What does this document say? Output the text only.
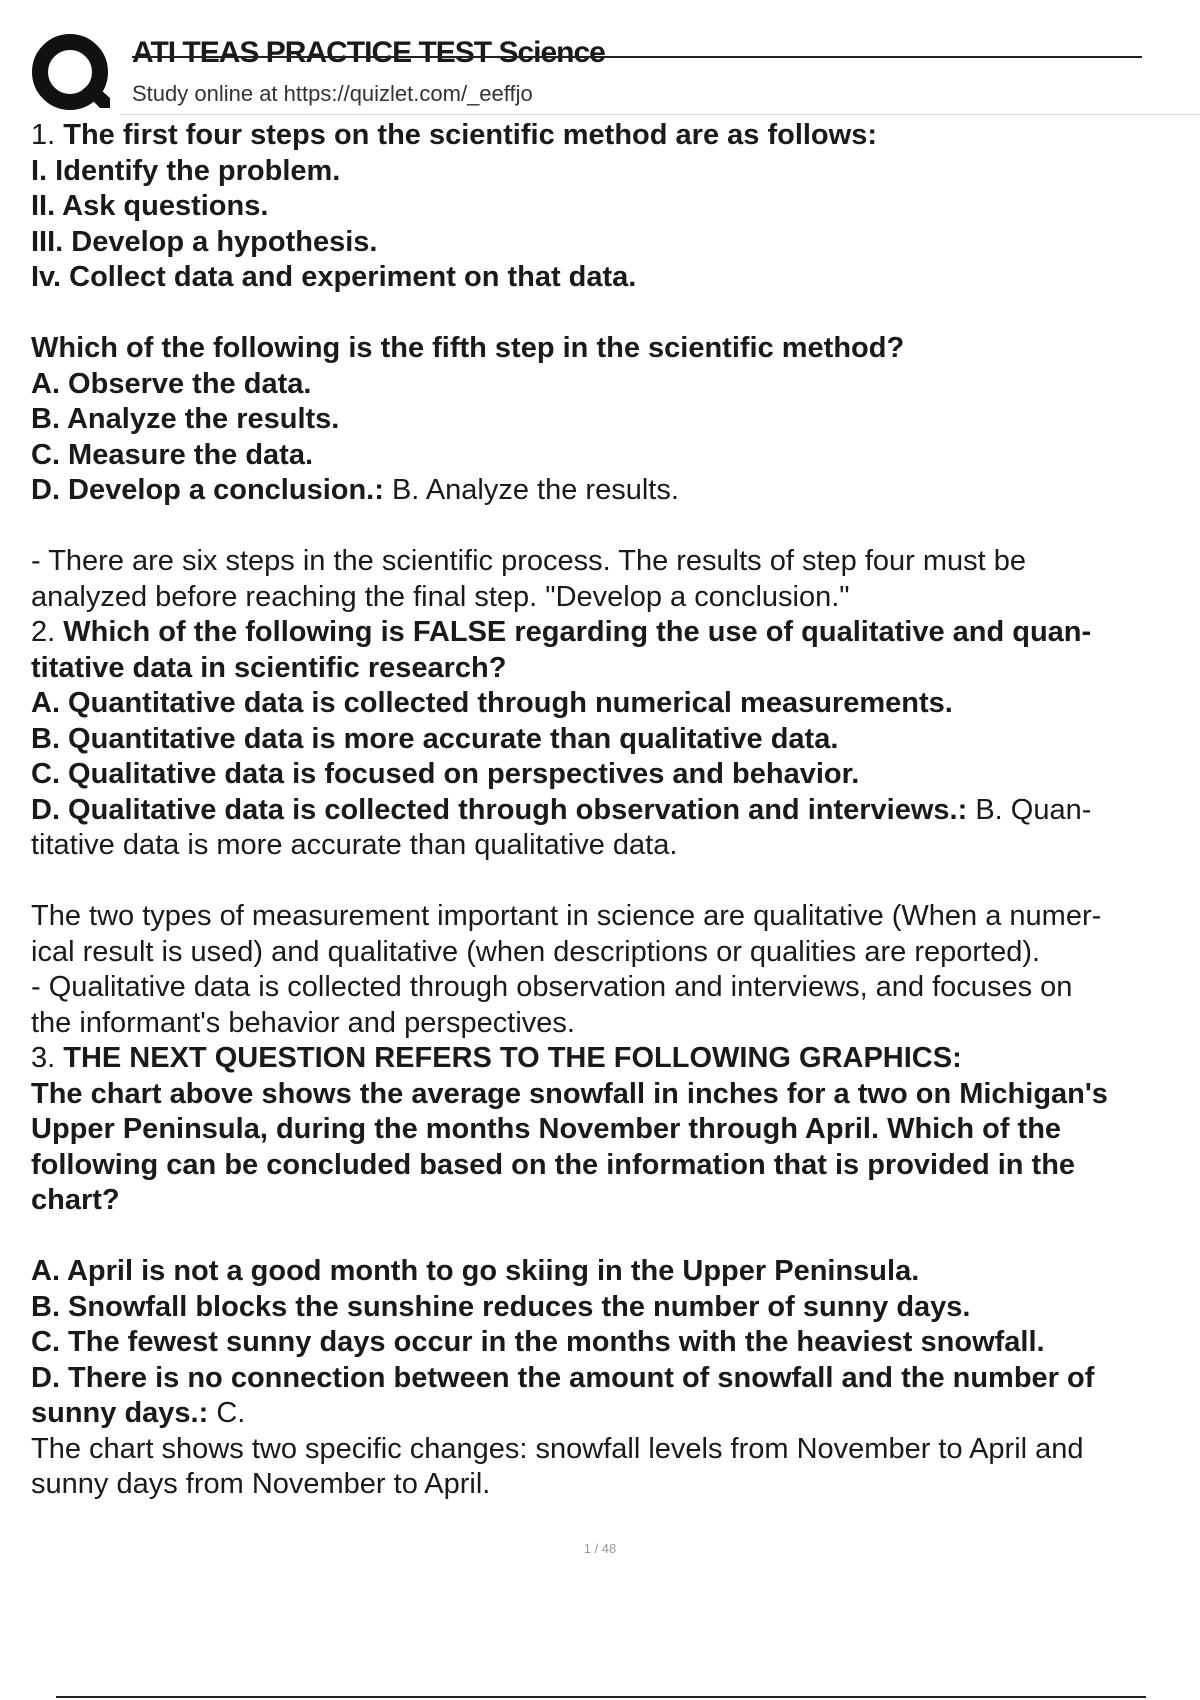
ATI TEAS PRACTICE TEST Science
Study online at https://quizlet.com/_eeffjo
1. The first four steps on the scientific method are as follows:
I. Identify the problem.
II. Ask questions.
III. Develop a hypothesis.
Iv. Collect data and experiment on that data.
Which of the following is the fifth step in the scientific method?
A. Observe the data.
B. Analyze the results.
C. Measure the data.
D. Develop a conclusion.: B. Analyze the results.
- There are six steps in the scientific process. The results of step four must be
analyzed before reaching the final step. "Develop a conclusion."
2. Which of the following is FALSE regarding the use of qualitative and quan-
titative data in scientific research?
A. Quantitative data is collected through numerical measurements.
B. Quantitative data is more accurate than qualitative data.
C. Qualitative data is focused on perspectives and behavior.
D. Qualitative data is collected through observation and interviews.: B. Quan-
titative data is more accurate than qualitative data.
The two types of measurement important in science are qualitative (When a numer-
ical result is used) and qualitative (when descriptions or qualities are reported).
- Qualitative data is collected through observation and interviews, and focuses on
the informant's behavior and perspectives.
3. THE NEXT QUESTION REFERS TO THE FOLLOWING GRAPHICS:
The chart above shows the average snowfall in inches for a two on Michigan's
Upper Peninsula, during the months November through April. Which of the
following can be concluded based on the information that is provided in the
chart?
A. April is not a good month to go skiing in the Upper Peninsula.
B. Snowfall blocks the sunshine reduces the number of sunny days.
C. The fewest sunny days occur in the months with the heaviest snowfall.
D. There is no connection between the amount of snowfall and the number of
sunny days.: C.
The chart shows two specific changes: snowfall levels from November to April and
sunny days from November to April.
1 / 48
